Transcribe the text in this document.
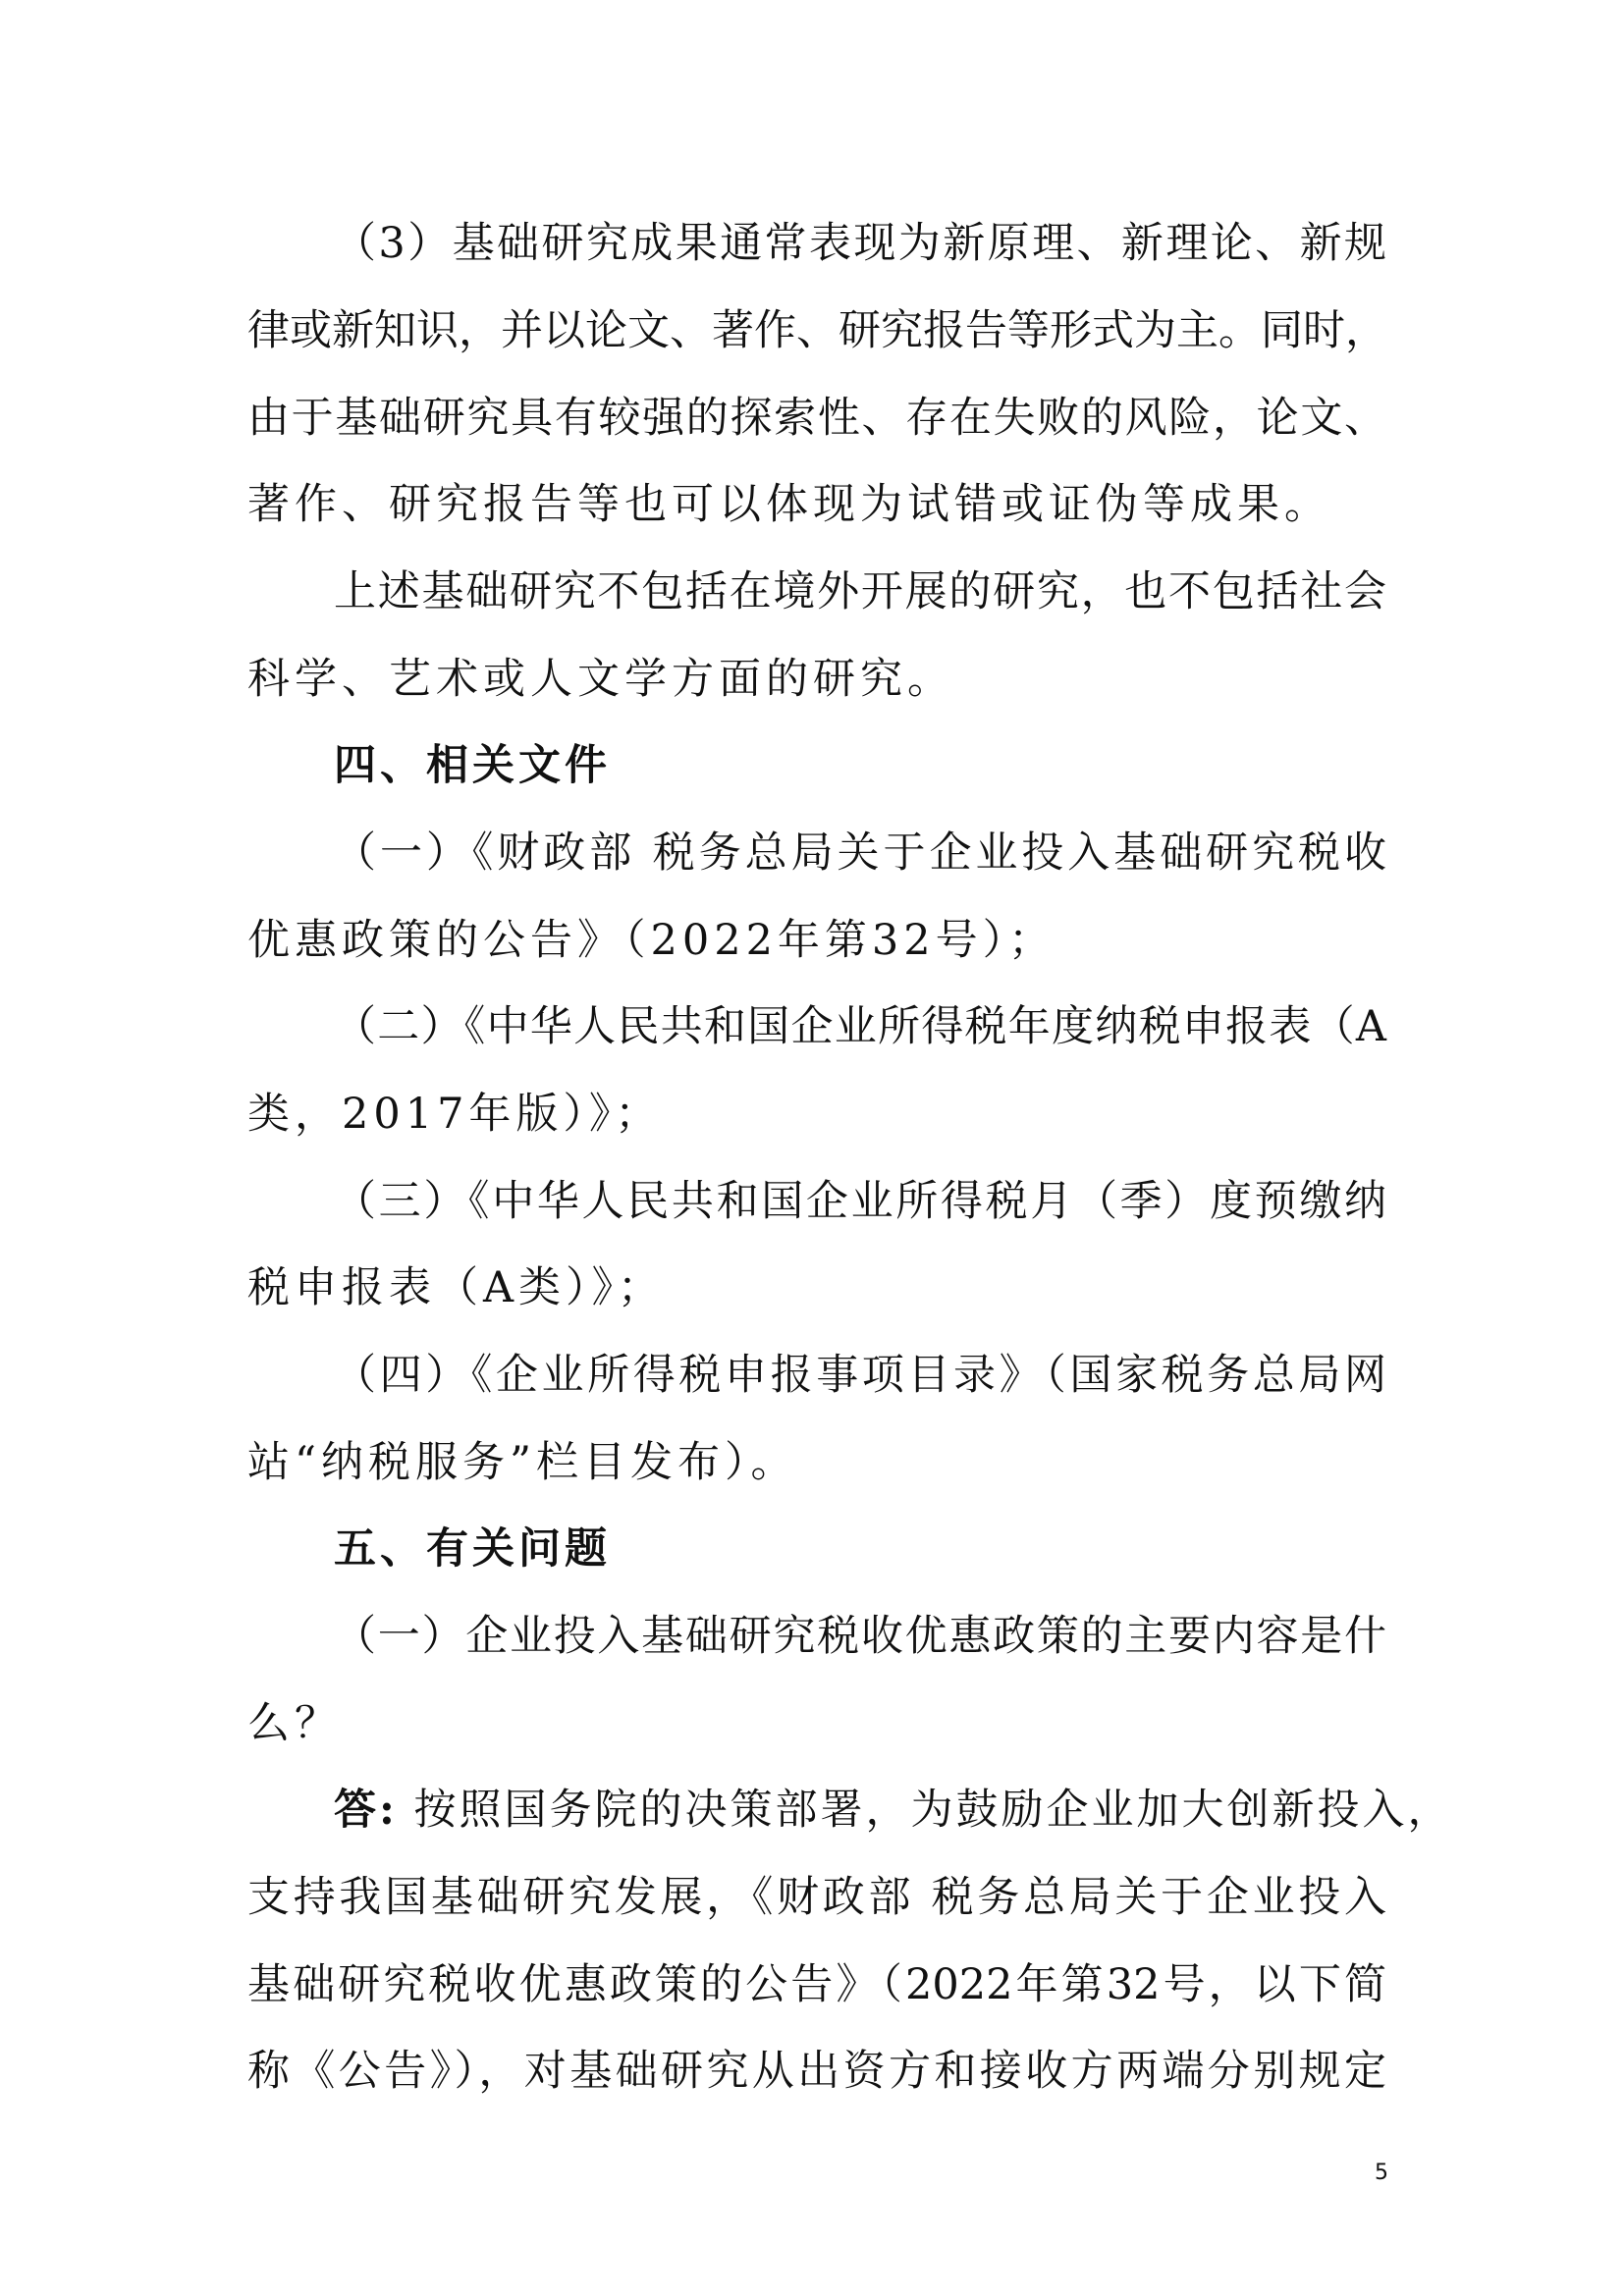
（3）基础研究成果通常表现为新原理、新理论、新规
律或新知识，并以论文、著作、研究报告等形式为主。同时，
由于基础研究具有较强的探索性、存在失败的风险，论文、
著作、研究报告等也可以体现为试错或证伪等成果。
上述基础研究不包括在境外开展的研究，也不包括社会
科学、艺术或人文学方面的研究。
四、相关文件
（一）《财政部 税务总局关于企业投入基础研究税收
优惠政策的公告》（2022年第32号）；
（二）《中华人民共和国企业所得税年度纳税申报表（A
类，2017年版）》；
（三）《中华人民共和国企业所得税月（季）度预缴纳
税申报表（A类）》；
（四）《企业所得税申报事项目录》（国家税务总局网
站“纳税服务”栏目发布）。
五、有关问题
（一）企业投入基础研究税收优惠政策的主要内容是什
么？
答: 按照国务院的决策部署，为鼓励企业加大创新投入，
支持我国基础研究发展，《财政部 税务总局关于企业投入
基础研究税收优惠政策的公告》（2022年第32号，以下简
称《公告》），对基础研究从出资方和接收方两端分别规定
5
